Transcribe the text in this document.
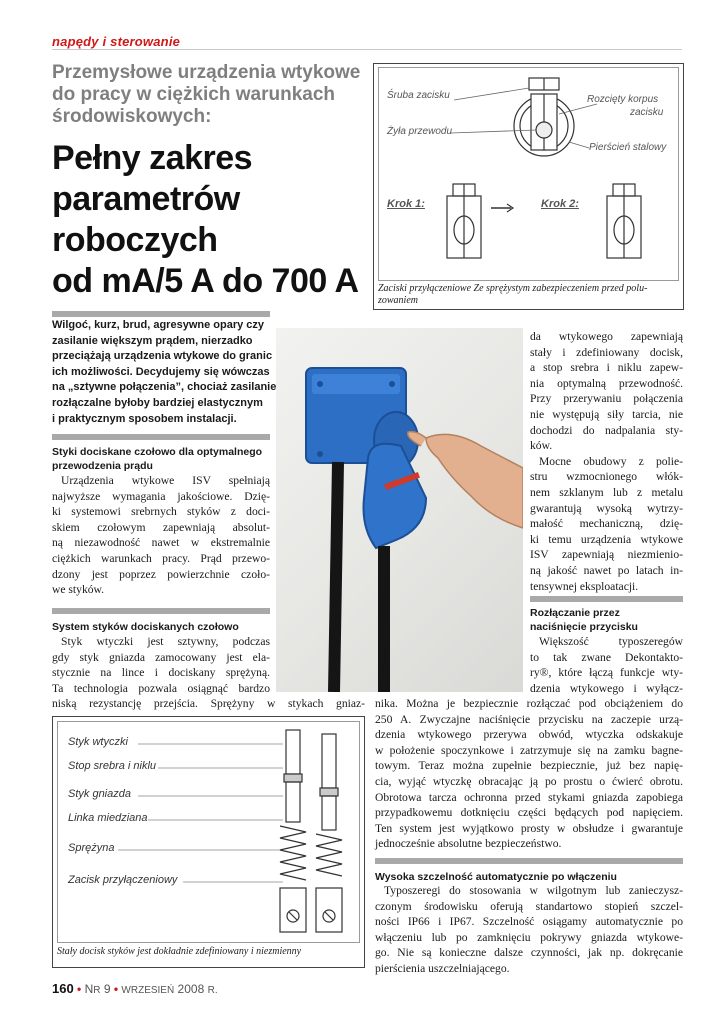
napędy i sterowanie
Przemysłowe urządzenia wtykowe
do pracy w ciężkich warunkach
środowiskowych:
Pełny zakres
parametrów
roboczych
od mA/5 A do 700 A
Śruba zacisku	Rozcięty korpus
zacisku
Żyła przewodu
Pierścień stalowy
Krok 1:	Krok 2:
Zaciski przyłączeniowe Ze sprężystym zabezpieczeniem przed polu-
zowaniem
Wilgoć, kurz, brud, agresywne opary czy
zasilanie większym prądem, nierzadko
przeciążają urządzenia wtykowe do granic
ich możliwości. Decydujemy się wówczas
na „sztywne połączenia”, chociaż zasilanie
rozłączalne byłoby bardziej elastycznym
i praktycznym sposobem instalacji.
Styki dociskane czołowo dla optymalnego
przewodzenia prądu
Urządzenia wtykowe ISV spełniają
najwyższe wymagania jakościowe. Dzię-
ki systemowi srebrnych styków z doci-
skiem czołowym zapewniają absolut-
ną niezawodność nawet w ekstremalnie
ciężkich warunkach pracy. Prąd przewo-
dzony jest poprzez powierzchnie czoło-
we styków.
System styków dociskanych czołowo
Styk wtyczki jest sztywny, podczas
gdy styk gniazda zamocowany jest ela-
stycznie na lince i dociskany sprężyną.
Ta technologia pozwala osiągnąć bardzo
niską rezystancję przejścia. Sprężyny w stykach gniaz-
da wtykowego zapewniają
stały i zdefiniowany docisk,
a stop srebra i niklu zapew-
nia optymalną przewodność.
Przy przerywaniu połączenia
nie występują siły tarcia, nie
dochodzi do nadpalania sty-
ków.
Mocne obudowy z polie-
stru wzmocnionego włók-
nem szklanym lub z metalu
gwarantują wysoką wytrzy-
małość mechaniczną, dzię-
ki temu urządzenia wtykowe
ISV zapewniają niezmienio-
ną jakość nawet po latach in-
tensywnej eksploatacji.
Rozłączanie przez
naciśnięcie przycisku
Większość typoszeregów
to tak zwane Dekontakto-
ry®, które łączą funkcje wty-
dzenia wtykowego i wyłącz-
nika. Można je bezpiecznie rozłączać pod obciążeniem do
250 A. Zwyczajne naciśnięcie przycisku na zaczepie urzą-
dzenia wtykowego przerywa obwód, wtyczka odskakuje
w położenie spoczynkowe i zatrzymuje się na zamku bagne-
towym. Teraz można zupełnie bezpiecznie, już bez napię-
cia, wyjąć wtyczkę obracając ją po prostu o ćwierć obrotu.
Obrotowa tarcza ochronna przed stykami gniazda zapobiega
przypadkowemu dotknięciu części będących pod napięciem.
Ten system jest wyjątkowo prosty w obsłudze i gwarantuje
jednocześnie absolutne bezpieczeństwo.
Wysoka szczelność automatycznie po włączeniu
Typoszeregi do stosowania w wilgotnym lub zanieczysz-
czonym środowisku oferują standartowo stopień szczel-
ności IP66 i IP67. Szczelność osiągamy automatycznie po
włączeniu lub po zamknięciu pokrywy gniazda wtykowe-
go. Nie są konieczne dalsze czynności, jak np. dokręcanie
pierścienia uszczelniającego.
Styk wtyczki
Stop srebra i niklu
Styk gniazda
Linka miedziana
Sprężyna
Zacisk przyłączeniowy
Stały docisk styków jest dokładnie zdefiniowany i niezmienny
160 • NR 9 • WRZESIEŃ 2008 R.
